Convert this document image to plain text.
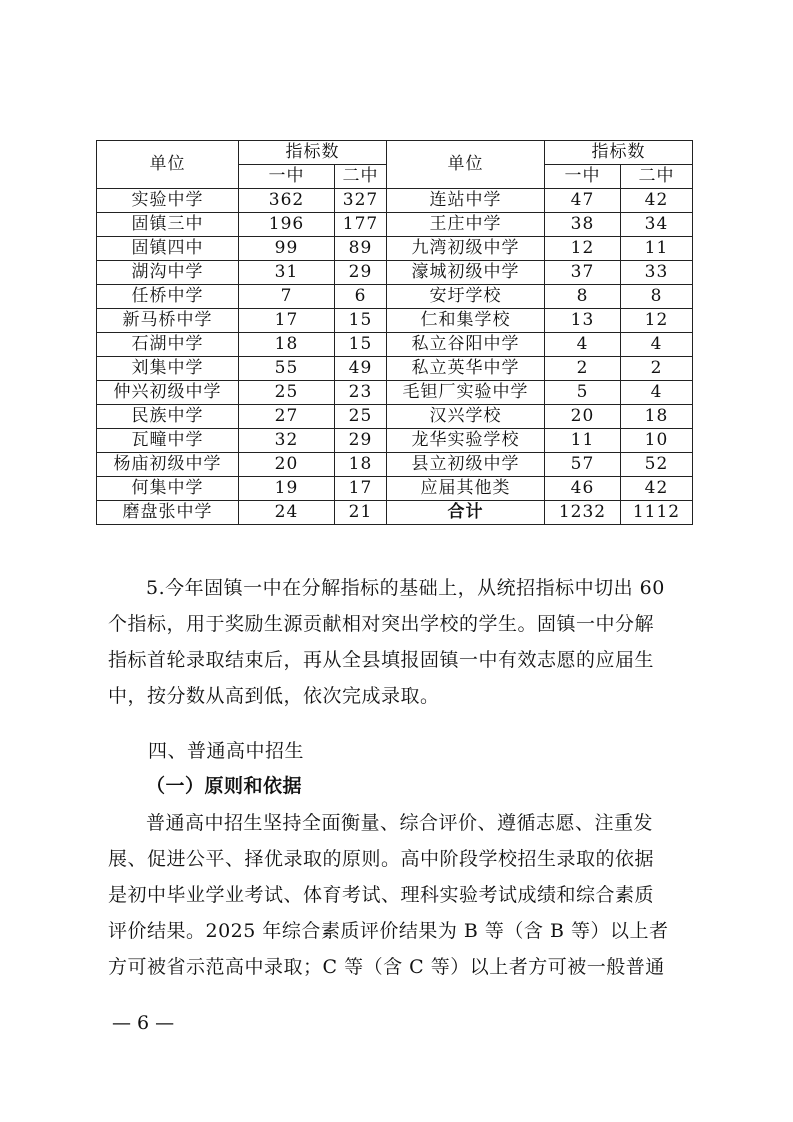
单位	指标数		单位	指标数	
	一中	二中		一中	二中
实验中学	362	327	连站中学	47	42
固镇三中	196	177	王庄中学	38	34
固镇四中	99	89	九湾初级中学	12	11
湖沟中学	31	29	濠城初级中学	37	33
任桥中学	7	6	安圩学校	8	8
新马桥中学	17	15	仁和集学校	13	12
石湖中学	18	15	私立谷阳中学	4	4
刘集中学	55	49	私立英华中学	2	2
仲兴初级中学	25	23	毛钽厂实验中学	5	4
民族中学	27	25	汉兴学校	20	18
瓦疃中学	32	29	龙华实验学校	11	10
杨庙初级中学	20	18	县立初级中学	57	52
何集中学	19	17	应届其他类	46	42
磨盘张中学	24	21	合计	1232	1112
5.今年固镇一中在分解指标的基础上，从统招指标中切出 60
个指标，用于奖励生源贡献相对突出学校的学生。固镇一中分解
指标首轮录取结束后，再从全县填报固镇一中有效志愿的应届生
中，按分数从高到低，依次完成录取。
四、普通高中招生
（一）原则和依据
普通高中招生坚持全面衡量、综合评价、遵循志愿、注重发
展、促进公平、择优录取的原则。高中阶段学校招生录取的依据
是初中毕业学业考试、体育考试、理科实验考试成绩和综合素质
评价结果。2025 年综合素质评价结果为 B 等（含 B 等）以上者
方可被省示范高中录取；C 等（含 C 等）以上者方可被一般普通
— 6 —
